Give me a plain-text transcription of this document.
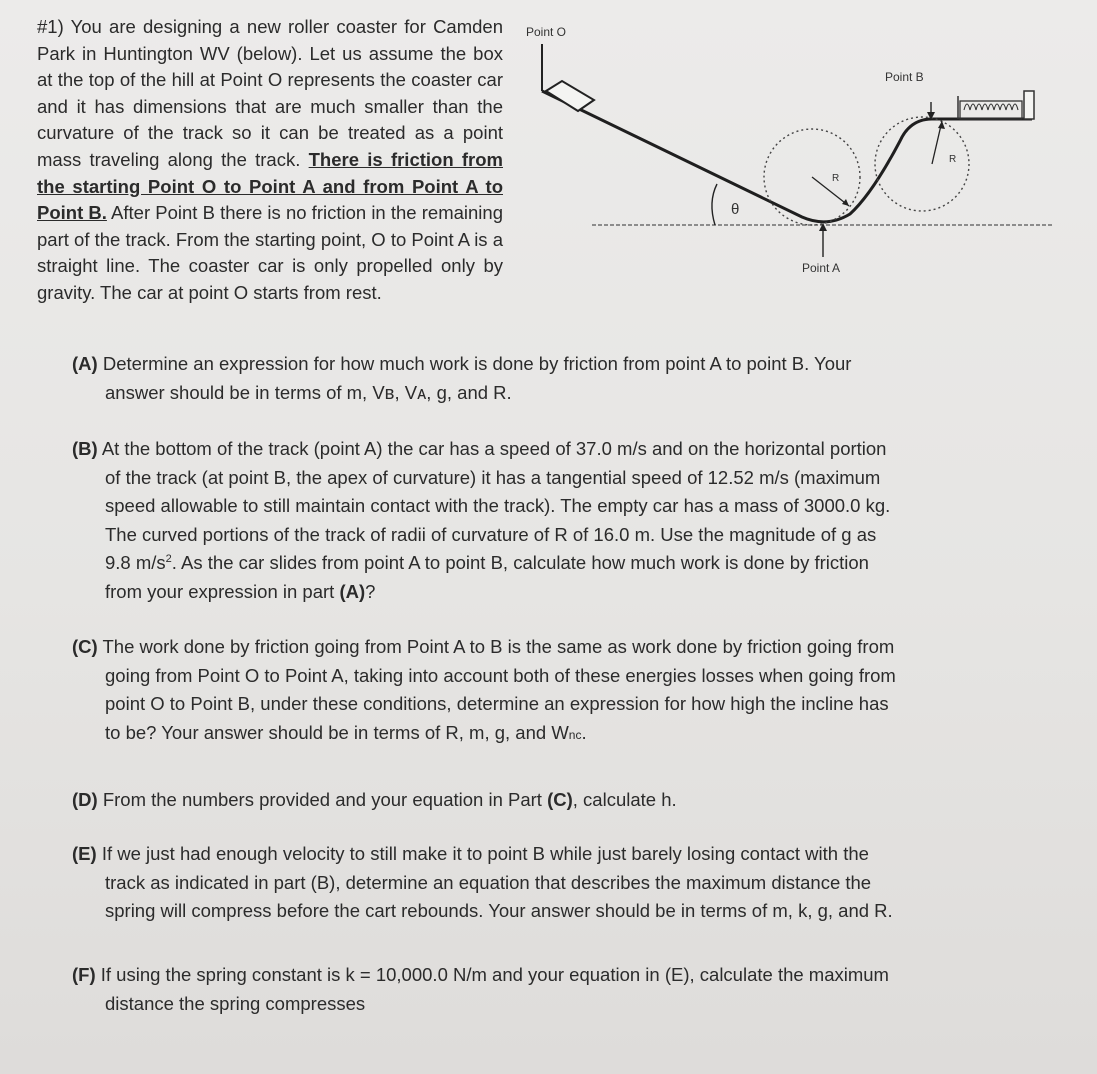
#1) You are designing a new roller coaster for Camden Park in Huntington WV (below). Let us assume the box at the top of the hill at Point O represents the coaster car and it has dimensions that are much smaller than the curvature of the track so it can be treated as a point mass traveling along the track. There is friction from the starting Point O to Point A and from Point A to Point B. After Point B there is no friction in the remaining part of the track. From the starting point, O to Point A is a straight line. The coaster car is only propelled only by gravity. The car at point O starts from rest.

Point O
Point B
Point A
θ
R
R

(A) Determine an expression for how much work is done by friction from point A to point B. Your
answer should be in terms of m, Vʙ, Vᴀ, g, and R.

(B) At the bottom of the track (point A) the car has a speed of 37.0 m/s and on the horizontal portion
of the track (at point B, the apex of curvature) it has a tangential speed of 12.52 m/s (maximum
speed allowable to still maintain contact with the track). The empty car has a mass of 3000.0 kg.
The curved portions of the track of radii of curvature of R of 16.0 m. Use the magnitude of g as
9.8 $m/s^2$. As the car slides from point A to point B, calculate how much work is done by friction
from your expression in part (A)?

(C) The work done by friction going from Point A to B is the same as work done by friction going from
going from Point O to Point A, taking into account both of these energies losses when going from
point O to Point B, under these conditions, determine an expression for how high the incline has
to be? Your answer should be in terms of R, m, g, and Wnc.

(D) From the numbers provided and your equation in Part (C), calculate h.

(E) If we just had enough velocity to still make it to point B while just barely losing contact with the
track as indicated in part (B), determine an equation that describes the maximum distance the
spring will compress before the cart rebounds. Your answer should be in terms of m, k, g, and R.

(F) If using the spring constant is k = 10,000.0 N/m and your equation in (E), calculate the maximum
distance the spring compresses
